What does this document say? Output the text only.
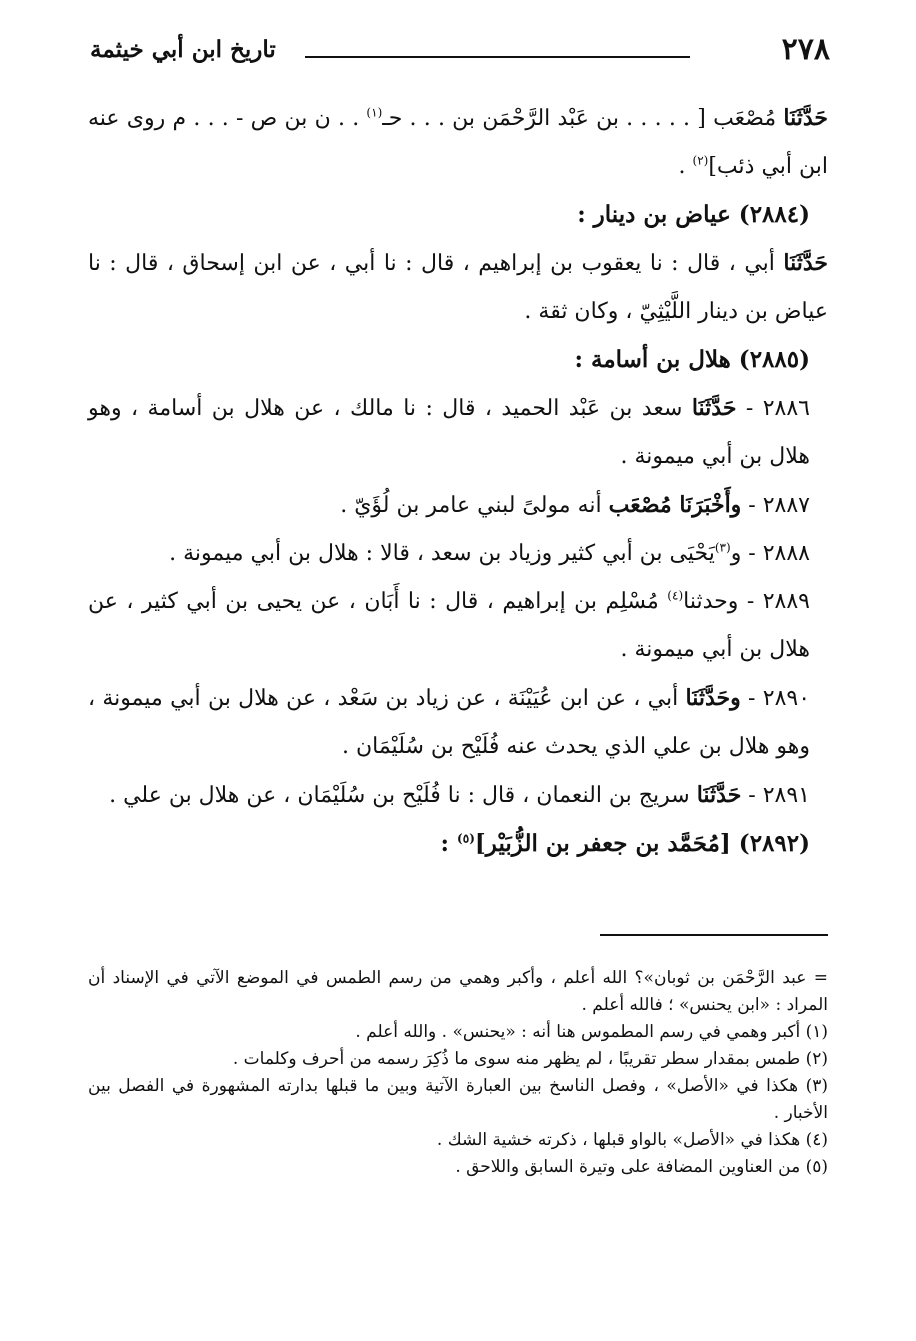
٢٧٨
تاريخ ابن أبي خيثمة

حَدَّثَنَا مُصْعَب [ . . . . . بن عَبْد الرَّحْمَن بن . . . حـ$^{(١)}$ . . ن بن ص - . . . م روى عنه ابن أبي ذئب]$^{(٢)}$ .

(٢٨٨٤) عياض بن دينار :

حَدَّثَنَا أبي ، قال : نا يعقوب بن إبراهيم ، قال : نا أبي ، عن ابن إسحاق ، قال : نا عياض بن دينار اللَّيْثِيّ ، وكان ثقة .

(٢٨٨٥) هلال بن أسامة :

٢٨٨٦ - حَدَّثَنَا سعد بن عَبْد الحميد ، قال : نا مالك ، عن هلال بن أسامة ، وهو هلال بن أبي ميمونة .

٢٨٨٧ - وأَخْبَرَنَا مُصْعَب أنه مولىً لبني عامر بن لُؤَيّ .

٢٨٨٨ - و$^{(٣)}$يَحْيَى بن أبي كثير وزياد بن سعد ، قالا : هلال بن أبي ميمونة .

٢٨٨٩ - وحدثنا$^{(٤)}$ مُسْلِم بن إبراهيم ، قال : نا أَبَان ، عن يحيى بن أبي كثير ، عن هلال بن أبي ميمونة .

٢٨٩٠ - وحَدَّثَنَا أبي ، عن ابن عُيَيْنَة ، عن زياد بن سَعْد ، عن هلال بن أبي ميمونة ، وهو هلال بن علي الذي يحدث عنه فُلَيْح بن سُلَيْمَان .

٢٨٩١ - حَدَّثَنَا سريج بن النعمان ، قال : نا فُلَيْح بن سُلَيْمَان ، عن هلال بن علي .

(٢٨٩٢) [مُحَمَّد بن جعفر بن الزُّبَيْر]$^{(٥)}$ :

= عبد الرَّحْمَن بن ثوبان»؟ الله أعلم ، وأكبر وهمي من رسم الطمس في الموضع الآتي في الإسناد أن المراد : «ابن يحنس» ؛ فالله أعلم .

(١) أكبر وهمي في رسم المطموس هنا أنه : «يحنس» . والله أعلم .

(٢) طمس بمقدار سطر تقريبًا ، لم يظهر منه سوى ما ذُكِرَ رسمه من أحرف وكلمات .

(٣) هكذا في «الأصل» ، وفصل الناسخ بين العبارة الآتية وبين ما قبلها بدارته المشهورة في الفصل بين الأخبار .

(٤) هكذا في «الأصل» بالواو قبلها ، ذكرته خشية الشك .

(٥) من العناوين المضافة على وتيرة السابق واللاحق .
